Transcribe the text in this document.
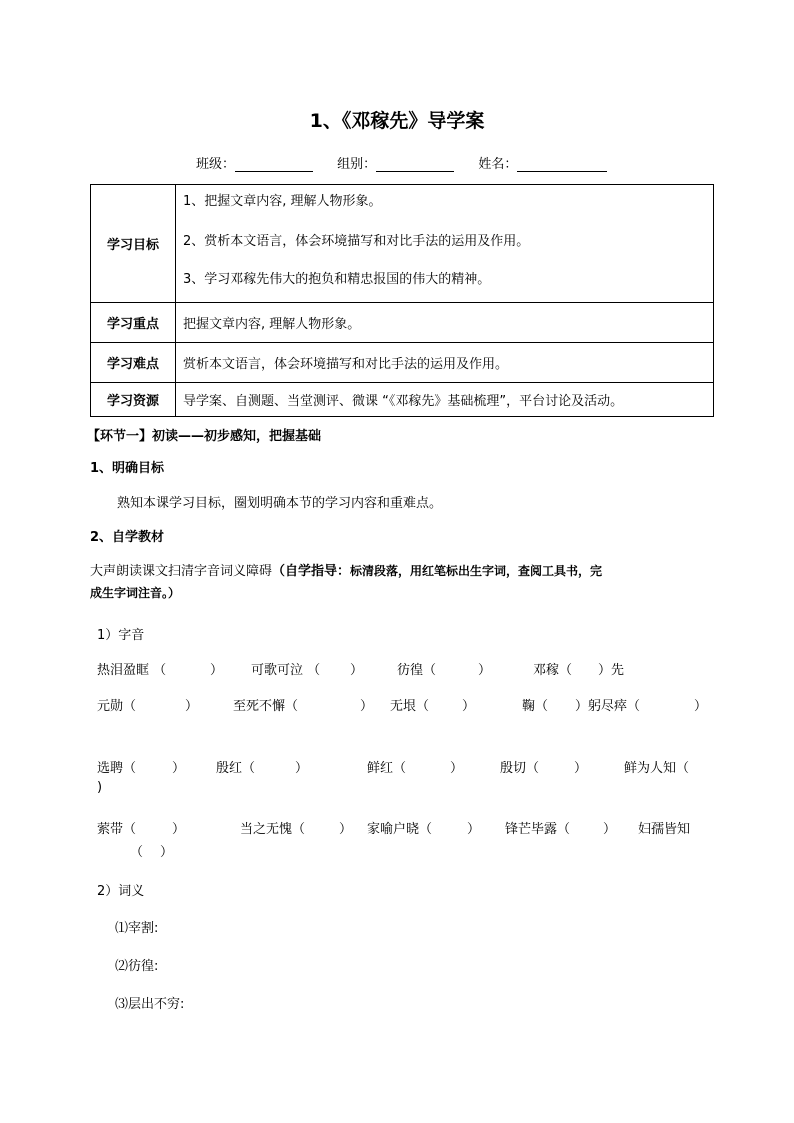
1、《邓稼先》导学案
班级：	组别：	姓名：
学习目标	1、把握文章内容, 理解人物形象。
2、赏析本文语言，体会环境描写和对比手法的运用及作用。
3、学习邓稼先伟大的抱负和精忠报国的伟大的精神。

学习重点	把握文章内容, 理解人物形象。
学习难点	赏析本文语言，体会环境描写和对比手法的运用及作用。
学习资源	导学案、自测题、当堂测评、微课 “《邓稼先》基础梳理”，平台讨论及活动。
【环节一】初读——初步感知，把握基础
1、明确目标
熟知本课学习目标，圈划明确本节的学习内容和重难点。
2、自学教材
大声朗读课文扫清字音词义障碍（自学指导：标清段落，用红笔标出生字词，查阅工具书，完
成生字词注音。）
1）字音
热泪盈眶 （	） 可歌可泣 （ ）	彷徨（	）	邓稼（ ）先
元勋（	）	至死不懈（	） 无垠（	）	鞠（ ）躬尽瘁（	）
选聘（	） 殷红（	）	鲜红（	）	殷切（	）	鲜为人知（
)
萦带（	）	当之无愧（	） 家喻户晓（	） 锋芒毕露（	） 妇孺皆知
（ ）
2）词义
⑴宰割:
⑵彷徨:
⑶层出不穷:
